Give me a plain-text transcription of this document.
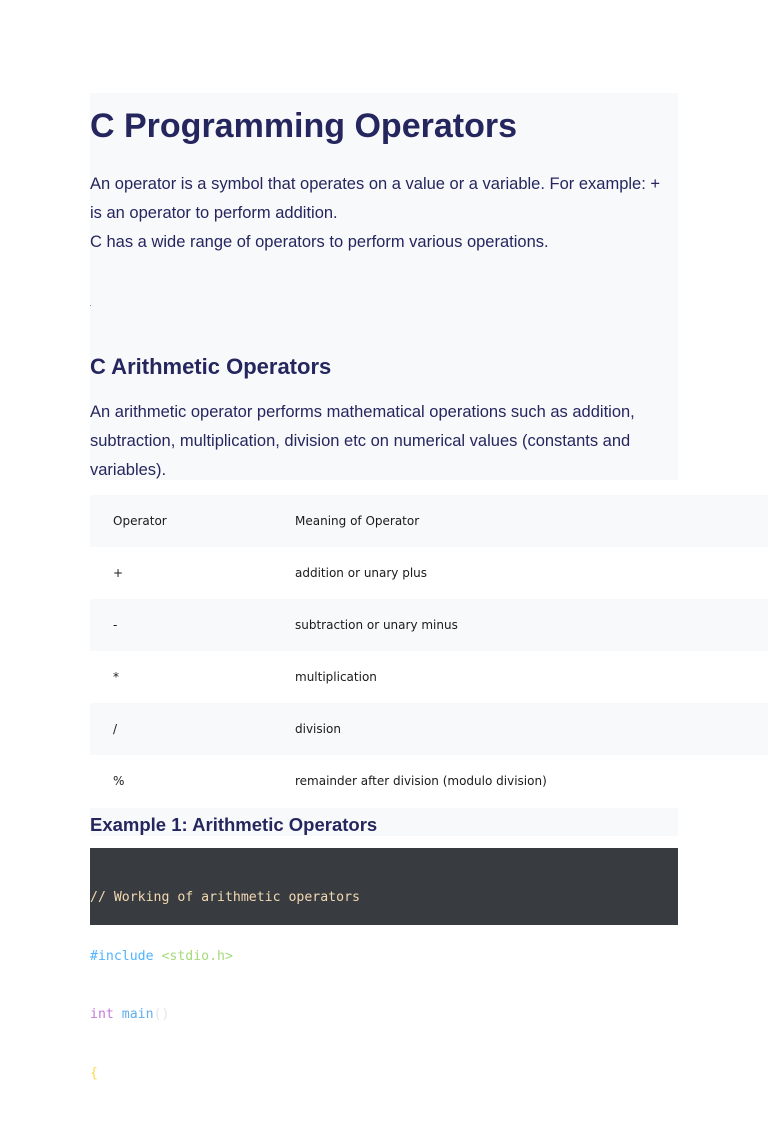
C Programming Operators
An operator is a symbol that operates on a value or a variable. For example: + is an operator to perform addition.
C has a wide range of operators to perform various operations.
C Arithmetic Operators

An arithmetic operator performs mathematical operations such as addition, subtraction, multiplication, division etc on numerical values (constants and variables).

Operator	Meaning of Operator
+	addition or unary plus
-	subtraction or unary minus
*	multiplication
/	division
%	remainder after division (modulo division)
Example 1: Arithmetic Operators

// Working of arithmetic operators

#include <stdio.h>

int main()

{
